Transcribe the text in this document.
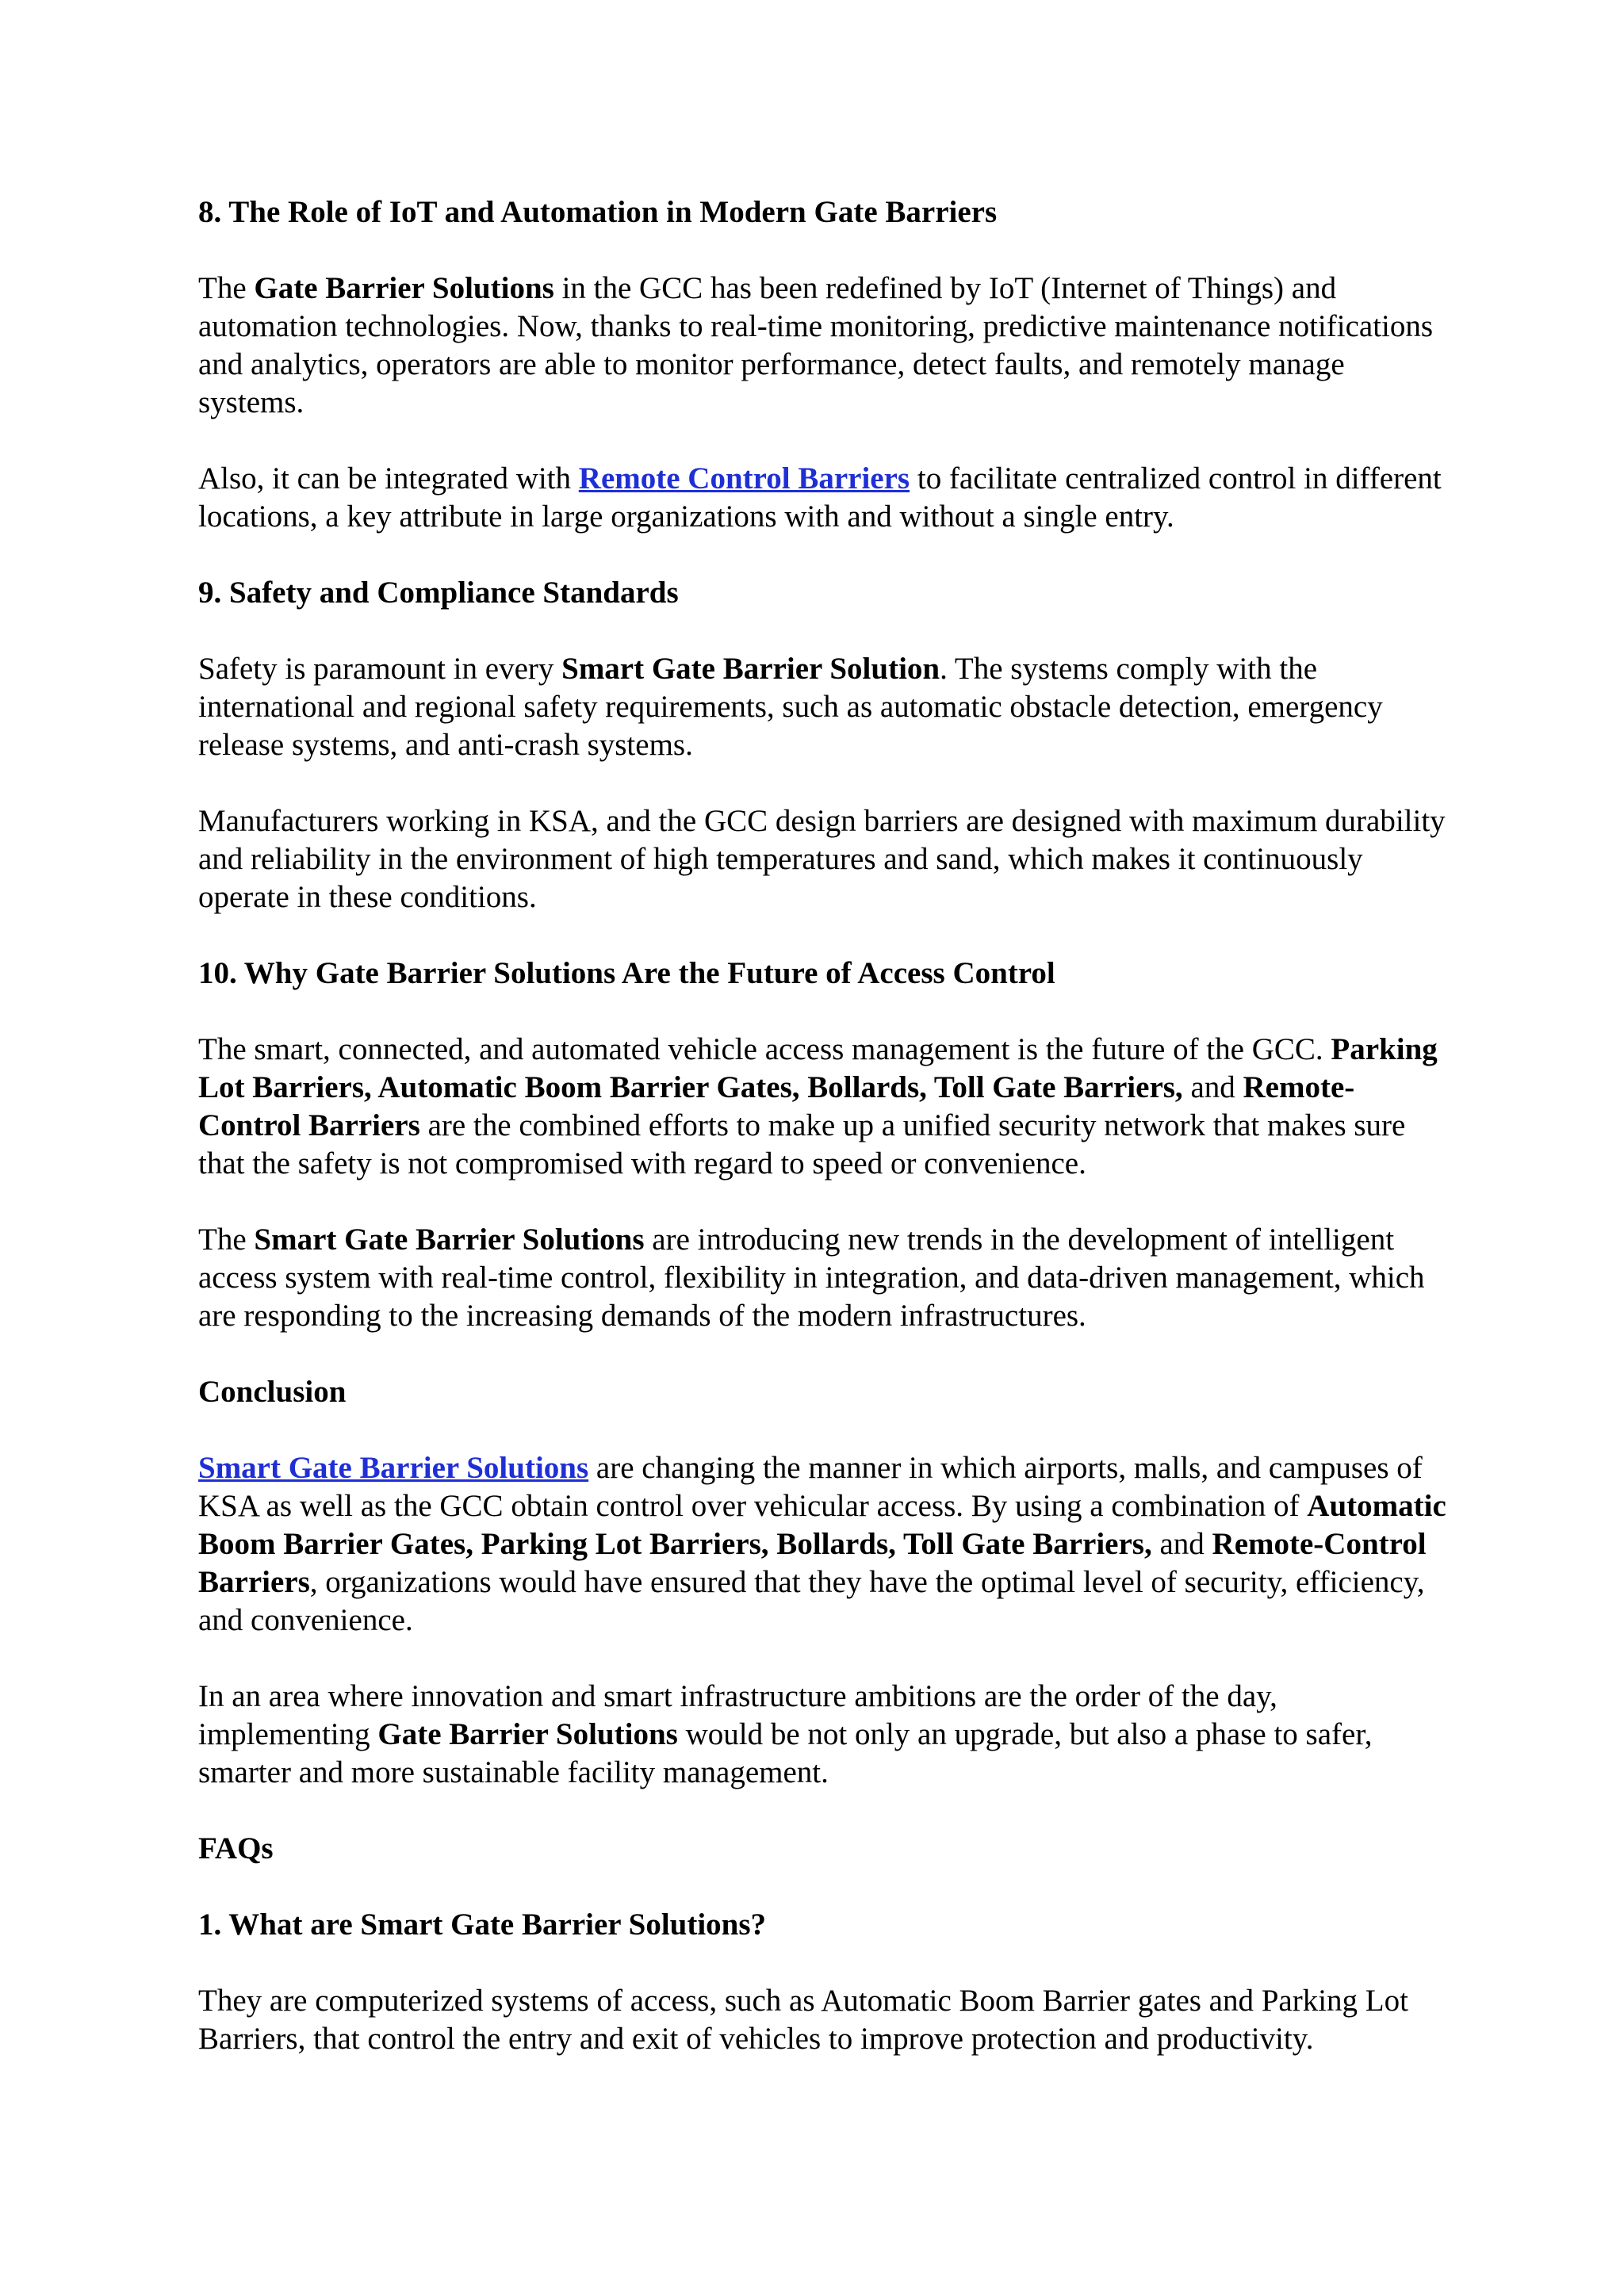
8. The Role of IoT and Automation in Modern Gate Barriers

The Gate Barrier Solutions in the GCC has been redefined by IoT (Internet of Things) and automation technologies. Now, thanks to real-time monitoring, predictive maintenance notifications and analytics, operators are able to monitor performance, detect faults, and remotely manage systems.

Also, it can be integrated with Remote Control Barriers to facilitate centralized control in different locations, a key attribute in large organizations with and without a single entry.

9. Safety and Compliance Standards

Safety is paramount in every Smart Gate Barrier Solution. The systems comply with the international and regional safety requirements, such as automatic obstacle detection, emergency release systems, and anti-crash systems.

Manufacturers working in KSA, and the GCC design barriers are designed with maximum durability and reliability in the environment of high temperatures and sand, which makes it continuously operate in these conditions.

10. Why Gate Barrier Solutions Are the Future of Access Control

The smart, connected, and automated vehicle access management is the future of the GCC. Parking Lot Barriers, Automatic Boom Barrier Gates, Bollards, Toll Gate Barriers, and Remote-Control Barriers are the combined efforts to make up a unified security network that makes sure that the safety is not compromised with regard to speed or convenience.

The Smart Gate Barrier Solutions are introducing new trends in the development of intelligent access system with real-time control, flexibility in integration, and data-driven management, which are responding to the increasing demands of the modern infrastructures.

Conclusion

Smart Gate Barrier Solutions are changing the manner in which airports, malls, and campuses of KSA as well as the GCC obtain control over vehicular access. By using a combination of Automatic Boom Barrier Gates, Parking Lot Barriers, Bollards, Toll Gate Barriers, and Remote-Control Barriers, organizations would have ensured that they have the optimal level of security, efficiency, and convenience.

In an area where innovation and smart infrastructure ambitions are the order of the day, implementing Gate Barrier Solutions would be not only an upgrade, but also a phase to safer, smarter and more sustainable facility management.

FAQs
1. What are Smart Gate Barrier Solutions?

They are computerized systems of access, such as Automatic Boom Barrier gates and Parking Lot Barriers, that control the entry and exit of vehicles to improve protection and productivity.
